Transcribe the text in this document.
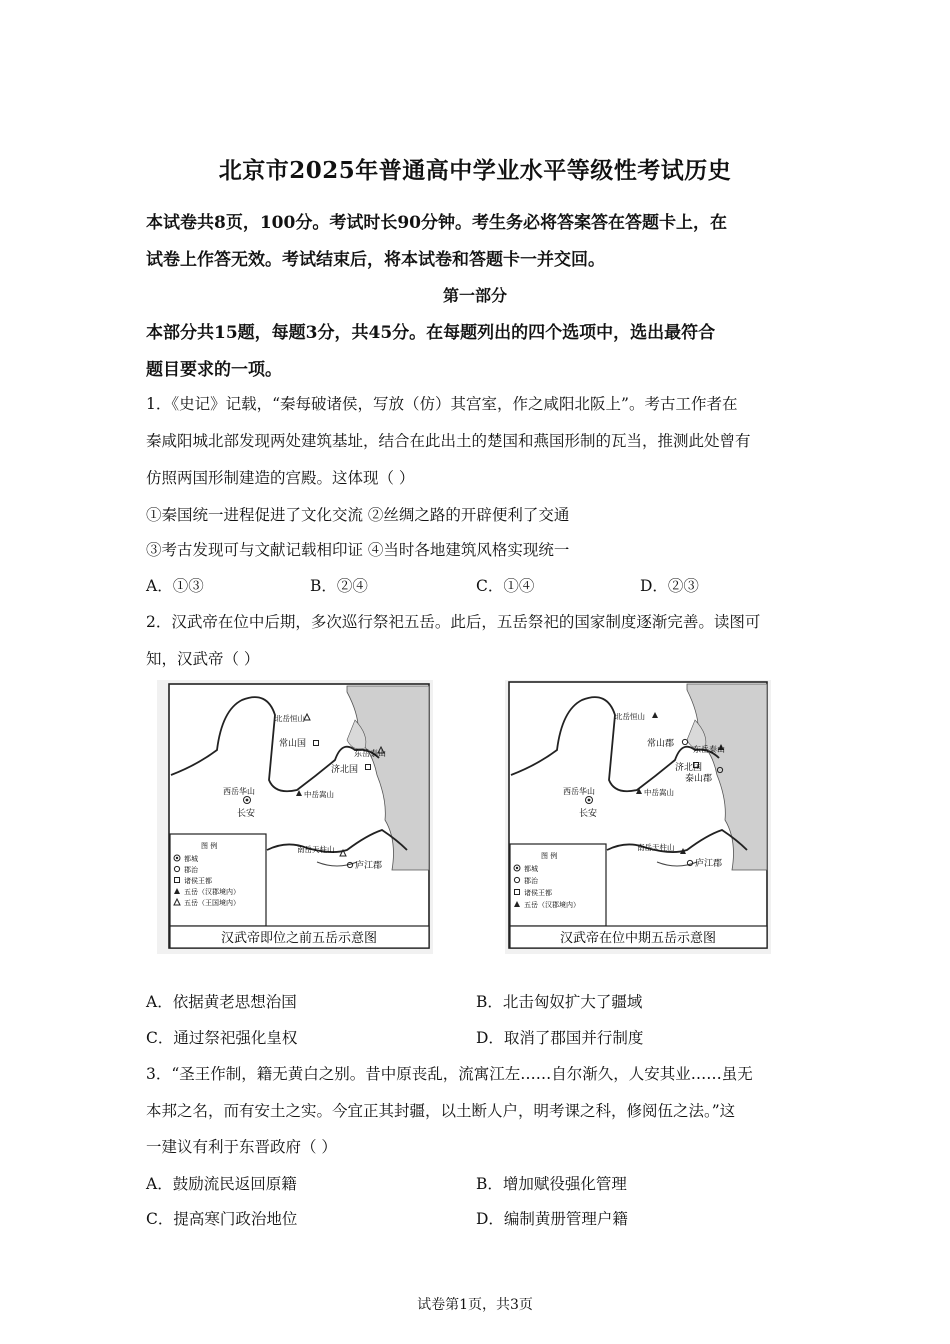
北京市2025年普通高中学业水平等级性考试历史
本试卷共8页，100分。考试时长90分钟。考生务必将答案答在答题卡上，在
试卷上作答无效。考试结束后，将本试卷和答题卡一并交回。
第一部分
本部分共15题，每题3分，共45分。在每题列出的四个选项中，选出最符合
题目要求的一项。
1．《史记》记载，“秦每破诸侯，写放（仿）其宫室，作之咸阳北阪上”。考古工作者在
秦咸阳城北部发现两处建筑基址，结合在此出土的楚国和燕国形制的瓦当，推测此处曾有
仿照两国形制建造的宫殿。这体现（ ）
①秦国统一进程促进了文化交流 ②丝绸之路的开辟便利了交通
③考古发现可与文献记载相印证 ④当时各地建筑风格实现统一
A．①③	B．②④	C．①④	D．②③
2．汉武帝在位中后期，多次巡行祭祀五岳。此后，五岳祭祀的国家制度逐渐完善。读图可
知，汉武帝（ ）
图 例
都城
郡治
诸侯王都
五岳（汉郡境内）
五岳（王国境内）
北岳恒山
常山国
东岳泰山
济北国
西岳华山
长安
中岳嵩山
南岳天柱山
庐江郡
汉武帝即位之前五岳示意图
图 例
都城
郡治
诸侯王都
五岳（汉郡境内）
北岳恒山
常山郡
东岳泰山
济北国
泰山郡
西岳华山
长安
中岳嵩山
南岳天柱山
庐江郡
汉武帝在位中期五岳示意图
A．依据黄老思想治国	B．北击匈奴扩大了疆域
C．通过祭祀强化皇权	D．取消了郡国并行制度
3．“圣王作制，籍无黄白之别。昔中原丧乱，流寓江左……自尔渐久，人安其业……虽无
本邦之名，而有安土之实。今宜正其封疆，以土断人户，明考课之科，修阅伍之法。”这
一建议有利于东晋政府（ ）
A．鼓励流民返回原籍	B．增加赋役强化管理
C．提高寒门政治地位	D．编制黄册管理户籍
试卷第1页，共3页
